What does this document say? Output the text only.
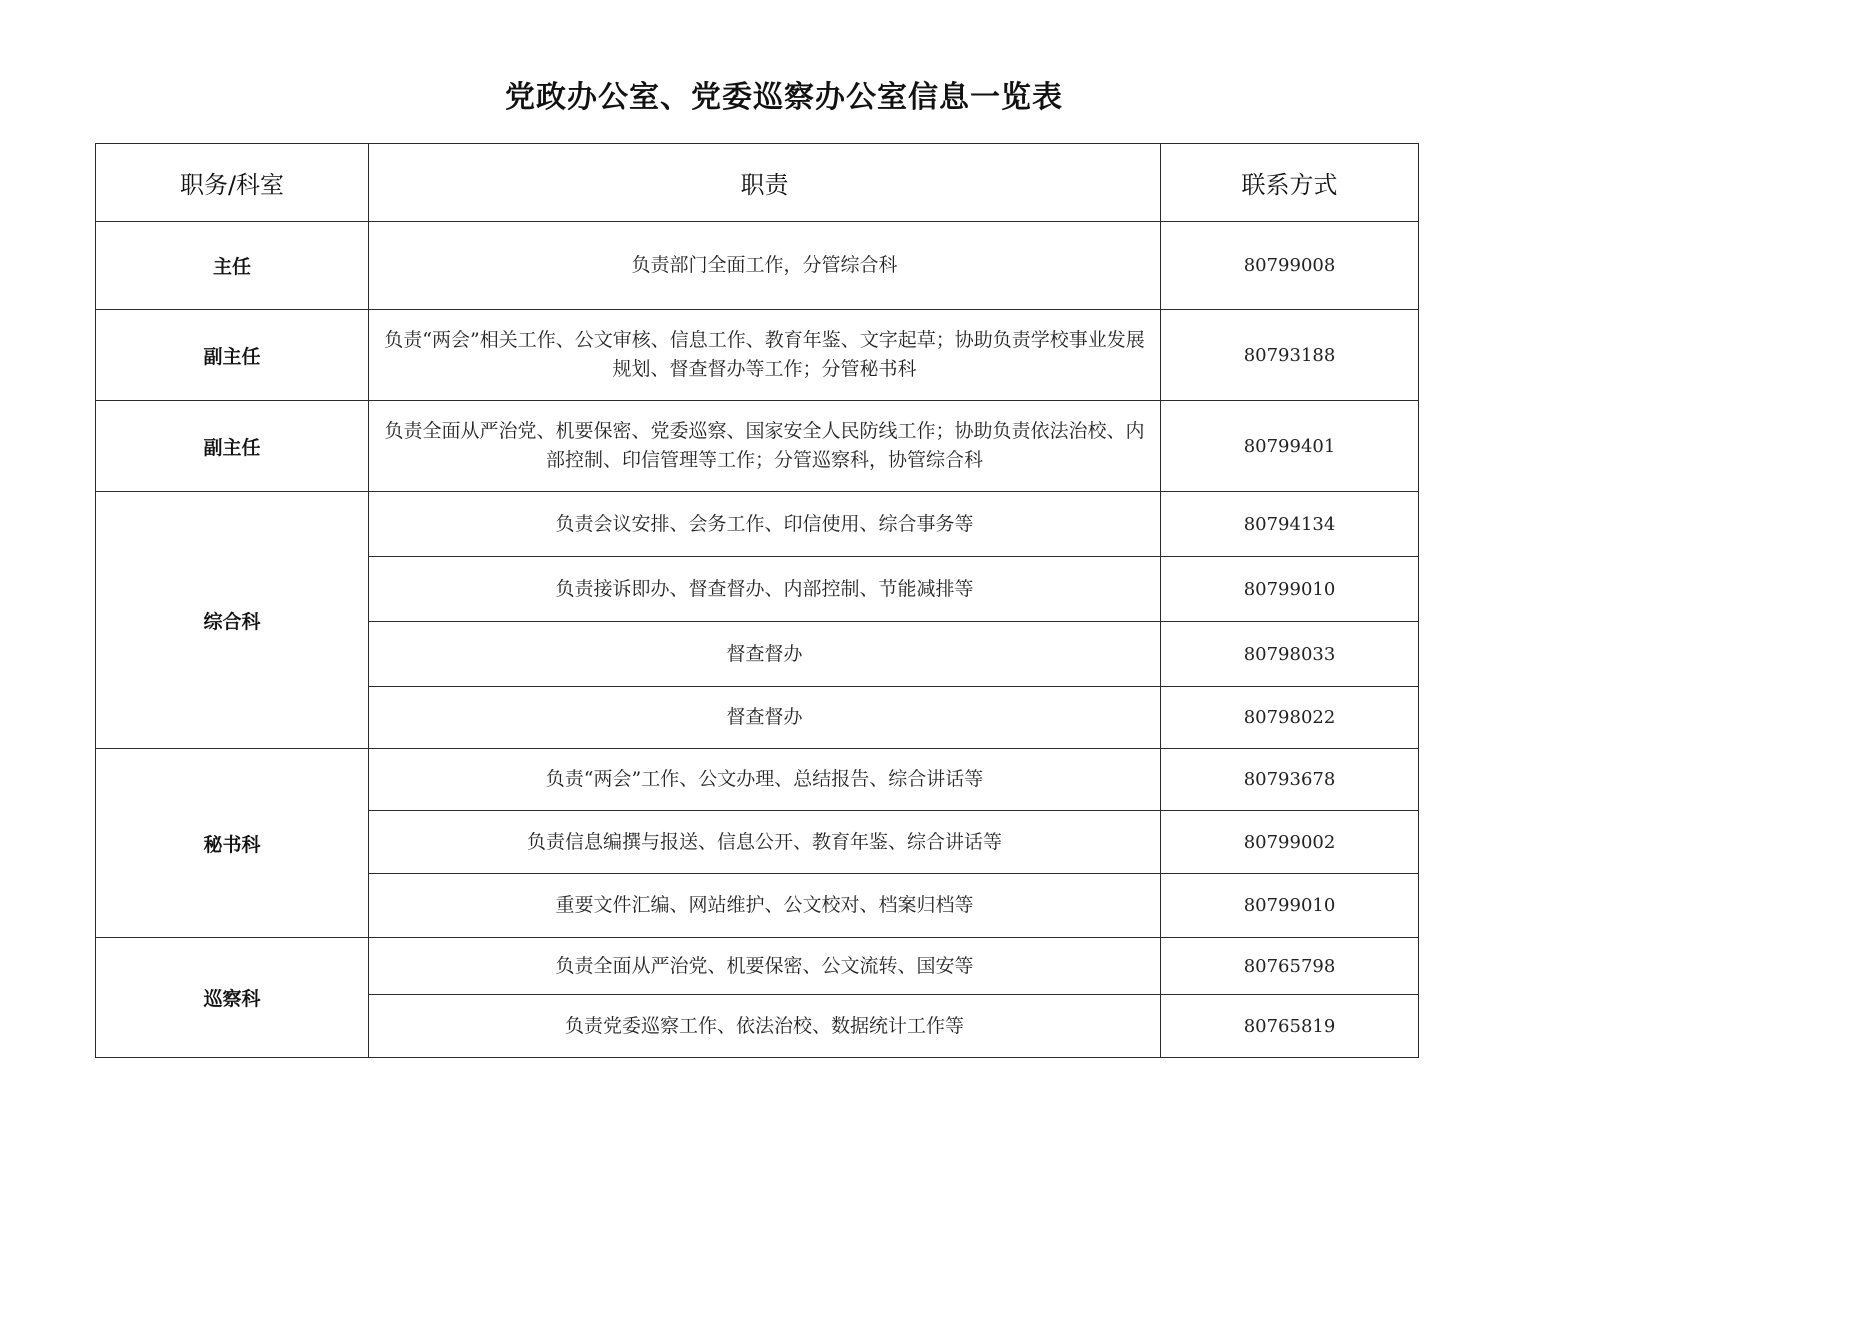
党政办公室、党委巡察办公室信息一览表
职务/科室	职责	联系方式
主任	负责部门全面工作，分管综合科	80799008
副主任	负责“两会”相关工作、公文审核、信息工作、教育年鉴、文字起草；协助负责学校事业发展规划、督查督办等工作；分管秘书科	80793188
副主任	负责全面从严治党、机要保密、党委巡察、国家安全人民防线工作；协助负责依法治校、内部控制、印信管理等工作；分管巡察科，协管综合科	80799401
综合科	负责会议安排、会务工作、印信使用、综合事务等	80794134
	负责接诉即办、督查督办、内部控制、节能减排等	80799010
	督查督办	80798033
	督查督办	80798022
秘书科	负责“两会”工作、公文办理、总结报告、综合讲话等	80793678
	负责信息编撰与报送、信息公开、教育年鉴、综合讲话等	80799002
	重要文件汇编、网站维护、公文校对、档案归档等	80799010
巡察科	负责全面从严治党、机要保密、公文流转、国安等	80765798
	负责党委巡察工作、依法治校、数据统计工作等	80765819
